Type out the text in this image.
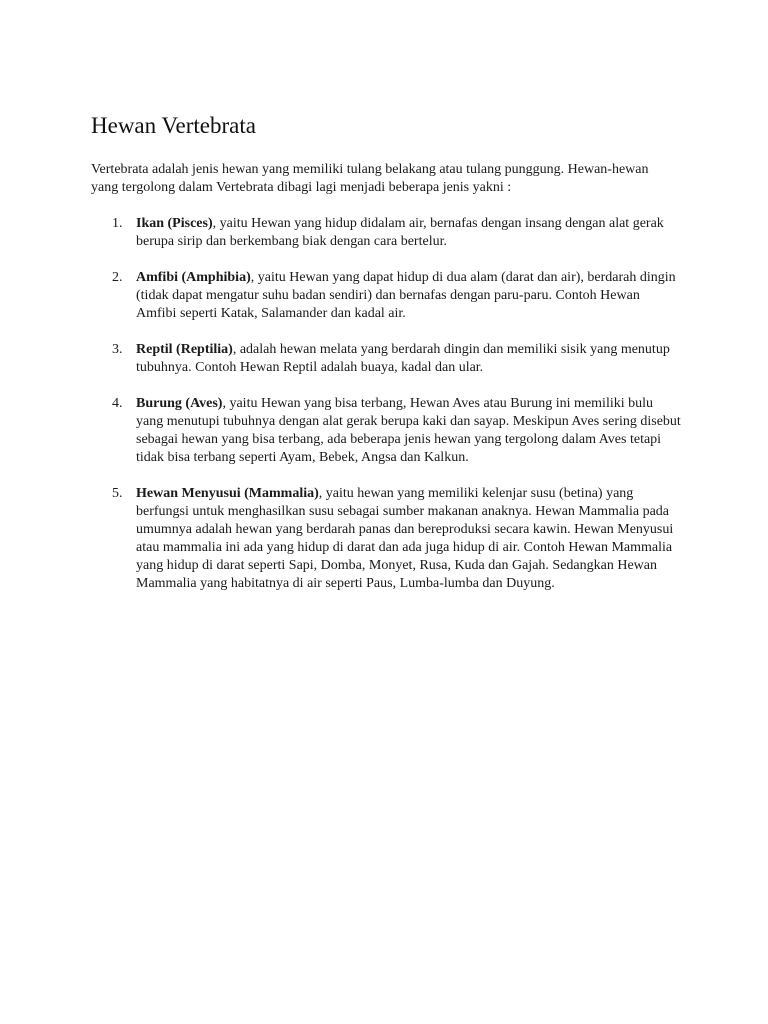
Hewan Vertebrata

Vertebrata adalah jenis hewan yang memiliki tulang belakang atau tulang punggung. Hewan-hewan yang tergolong dalam Vertebrata dibagi lagi menjadi beberapa jenis yakni :

1. Ikan (Pisces), yaitu Hewan yang hidup didalam air, bernafas dengan insang dengan alat gerak berupa sirip dan berkembang biak dengan cara bertelur.
2. Amfibi (Amphibia), yaitu Hewan yang dapat hidup di dua alam (darat dan air), berdarah dingin (tidak dapat mengatur suhu badan sendiri) dan bernafas dengan paru-paru. Contoh Hewan Amfibi seperti Katak, Salamander dan kadal air.
3. Reptil (Reptilia), adalah hewan melata yang berdarah dingin dan memiliki sisik yang menutup tubuhnya. Contoh Hewan Reptil adalah buaya, kadal dan ular.
4. Burung (Aves), yaitu Hewan yang bisa terbang, Hewan Aves atau Burung ini memiliki bulu yang menutupi tubuhnya dengan alat gerak berupa kaki dan sayap. Meskipun Aves sering disebut sebagai hewan yang bisa terbang, ada beberapa jenis hewan yang tergolong dalam Aves tetapi tidak bisa terbang seperti Ayam, Bebek, Angsa dan Kalkun.
5. Hewan Menyusui (Mammalia), yaitu hewan yang memiliki kelenjar susu (betina) yang berfungsi untuk menghasilkan susu sebagai sumber makanan anaknya. Hewan Mammalia pada umumnya adalah hewan yang berdarah panas dan bereproduksi secara kawin. Hewan Menyusui atau mammalia ini ada yang hidup di darat dan ada juga hidup di air. Contoh Hewan Mammalia yang hidup di darat seperti Sapi, Domba, Monyet, Rusa, Kuda dan Gajah. Sedangkan Hewan Mammalia yang habitatnya di air seperti Paus, Lumba-lumba dan Duyung.
